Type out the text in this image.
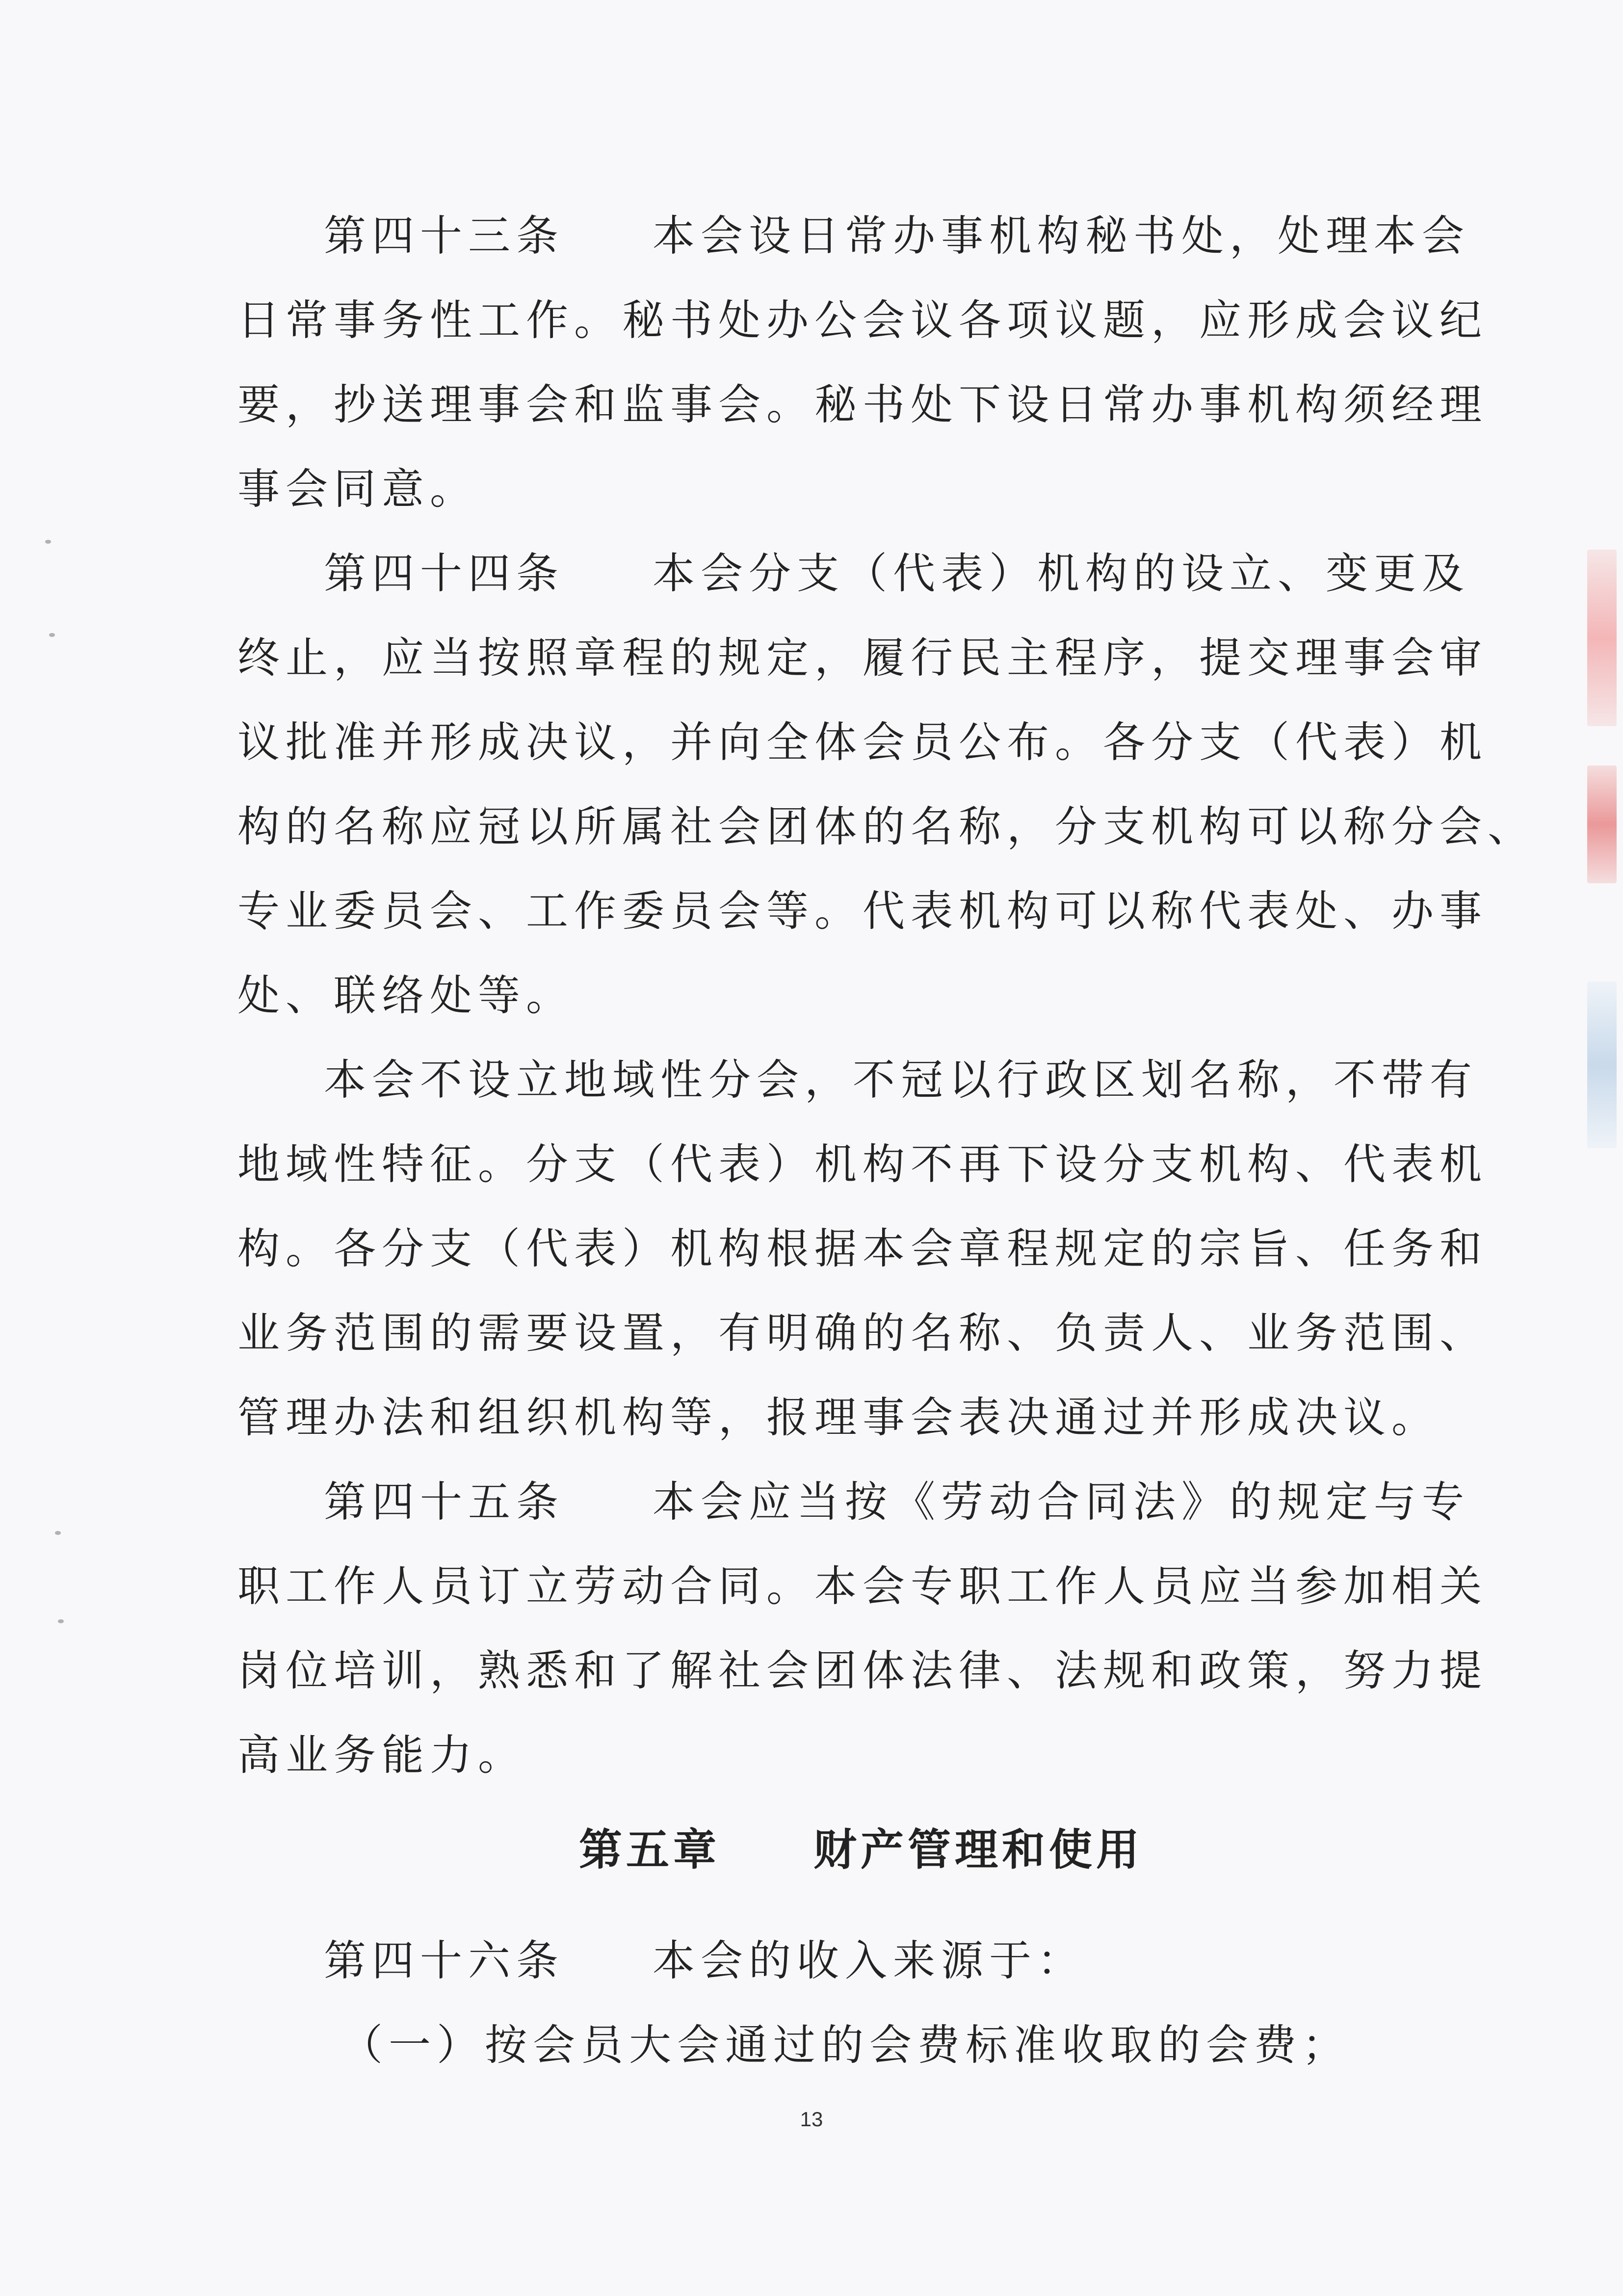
第四十三条 本会设日常办事机构秘书处，处理本会
日常事务性工作。秘书处办公会议各项议题，应形成会议纪
要，抄送理事会和监事会。秘书处下设日常办事机构须经理
事会同意。
第四十四条 本会分支（代表）机构的设立、变更及
终止，应当按照章程的规定，履行民主程序，提交理事会审
议批准并形成决议，并向全体会员公布。各分支（代表）机
构的名称应冠以所属社会团体的名称，分支机构可以称分会、
专业委员会、工作委员会等。代表机构可以称代表处、办事
处、联络处等。
本会不设立地域性分会，不冠以行政区划名称，不带有
地域性特征。分支（代表）机构不再下设分支机构、代表机
构。各分支（代表）机构根据本会章程规定的宗旨、任务和
业务范围的需要设置，有明确的名称、负责人、业务范围、
管理办法和组织机构等，报理事会表决通过并形成决议。
第四十五条 本会应当按《劳动合同法》的规定与专
职工作人员订立劳动合同。本会专职工作人员应当参加相关
岗位培训，熟悉和了解社会团体法律、法规和政策，努力提
高业务能力。
第五章 财产管理和使用
第四十六条 本会的收入来源于：
（一）按会员大会通过的会费标准收取的会费；
13
